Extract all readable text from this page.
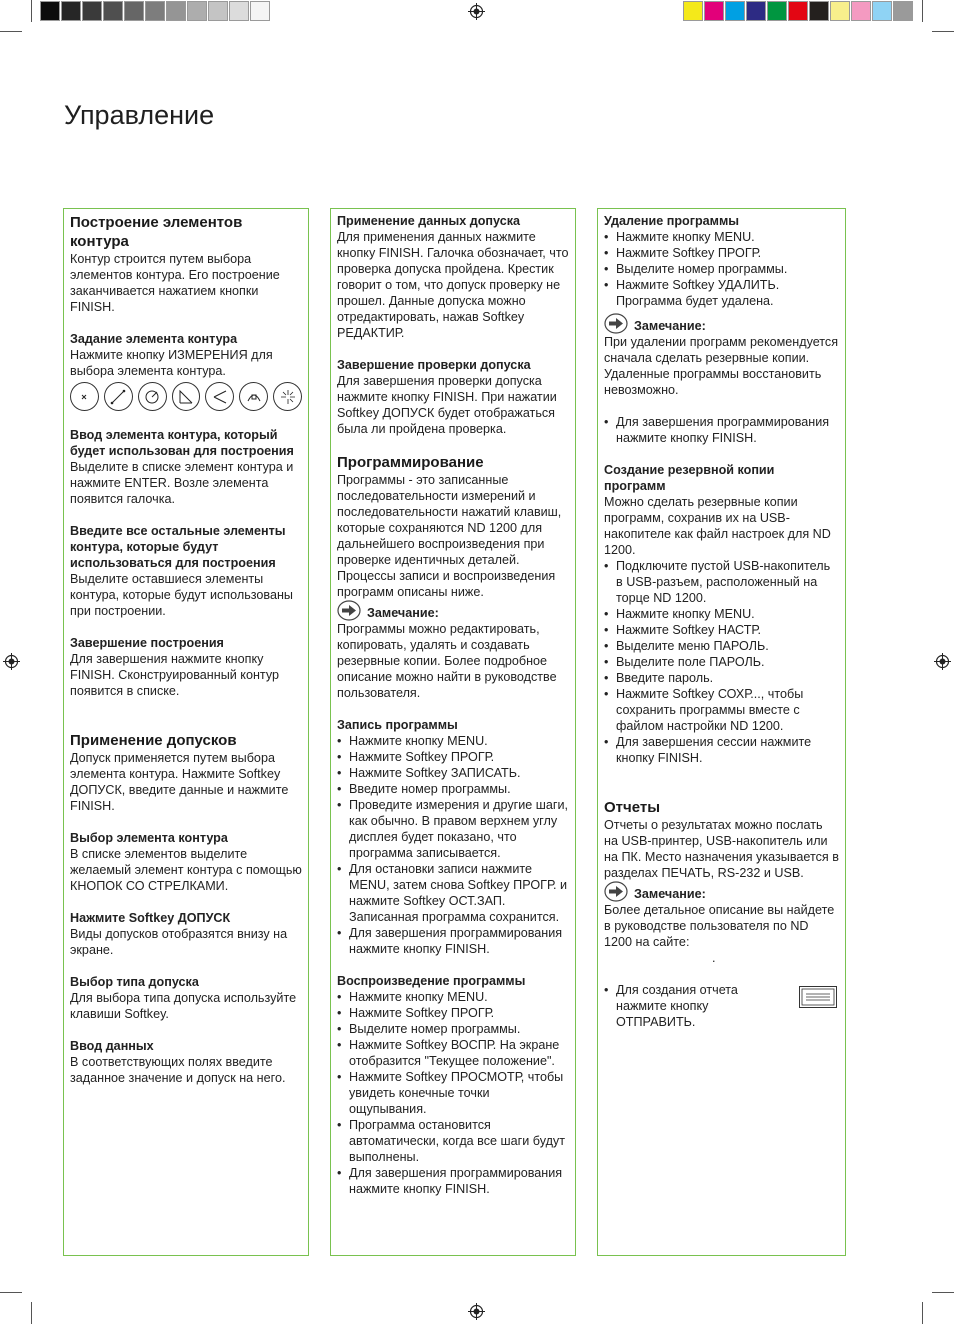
Управление

Построение элементов контура

Контур строится путем выбора элементов контура. Его построение заканчивается нажатием кнопки FINISH.

Задание элемента контура

Нажмите кнопку ИЗМЕРЕНИЯ для выбора элемента контура.

Ввод элемента контура, который будет использован для построения

Выделите в списке элемент контура и нажмите ENTER. Возле элемента появится галочка.

Введите все остальные элементы контура, которые будут использоваться для построения

Выделите оставшиеся элементы контура, которые будут использованы при построении.

Завершение построения

Для завершения нажмите кнопку FINISH. Сконструированный контур появится в списке.

Применение допусков

Допуск применяется путем выбора элемента контура. Нажмите Softkey ДОПУСК, введите данные и нажмите FINISH.

Выбор элемента контура

В списке элементов выделите желаемый элемент контура с помощью КНОПОК СО СТРЕЛКАМИ.

Нажмите Softkey ДОПУСК

Виды допусков отобразятся внизу на экране.

Выбор типа допуска

Для выбора типа допуска используйте клавиши Softkey.

Ввод данных

В соответствующих полях введите заданное значение и допуск на него.

Применение данных допуска

Для применения данных нажмите кнопку FINISH. Галочка обозначает, что проверка допуска пройдена. Крестик говорит о том, что допуск проверку не прошел. Данные допуска можно отредактировать, нажав Softkey РЕДАКТИР.

Завершение проверки допуска

Для завершения проверки допуска нажмите кнопку FINISH. При нажатии Softkey ДОПУСК будет отображаться была ли пройдена проверка.

Программирование

Программы - это записанные последовательности измерений и последовательности нажатий клавиш, которые сохраняются ND 1200 для дальнейшего воспроизведения при проверке идентичных деталей. Процессы записи и воспроизведения программ описаны ниже.

Замечание:

Программы можно редактировать, копировать, удалять и создавать резервные копии. Более подробное описание можно найти в руководстве пользователя.

Запись программы

• Нажмите кнопку MENU.
• Нажмите Softkey ПРОГР.
• Нажмите Softkey ЗАПИСАТЬ.
• Введите номер программы.
• Проведите измерения и другие шаги, как обычно. В правом верхнем углу дисплея будет показано, что программа записывается.
• Для остановки записи нажмите MENU, затем снова Softkey ПРОГР. и нажмите Softkey ОСТ.ЗАП. Записанная программа сохранится.
• Для завершения программирования нажмите кнопку FINISH.

Воспроизведение программы

• Нажмите кнопку MENU.
• Нажмите Softkey ПРОГР.
• Выделите номер программы.
• Нажмите Softkey ВОСПР. На экране отобразится "Текущее положение".
• Нажмите Softkey ПРОСМОТР, чтобы увидеть конечные точки ощупывания.
• Программа остановится автоматически, когда все шаги будут выполнены.
• Для завершения программирования нажмите кнопку FINISH.

Удаление программы

• Нажмите кнопку MENU.
• Нажмите Softkey ПРОГР.
• Выделите номер программы.
• Нажмите Softkey УДАЛИТЬ. Программа будет удалена.
Замечание:

При удалении программ рекомендуется сначала сделать резервные копии. Удаленные программы восстановить невозможно.

• Для завершения программирования нажмите кнопку FINISH.

Создание резервной копии программ

Можно сделать резервные копии программ, сохранив их на USB-накопителе как файл настроек для ND 1200.

• Подключите пустой USB-накопитель в USB-разъем, расположенный на торце ND 1200.
• Нажмите кнопку MENU.
• Нажмите Softkey НАСТР.
• Выделите меню ПАРОЛЬ.
• Выделите поле ПАРОЛЬ.
• Введите пароль.
• Нажмите Softkey СОХР..., чтобы сохранить программы вместе с файлом настройки ND 1200.
• Для завершения сессии нажмите кнопку FINISH.

Отчеты

Отчеты о результатах можно послать на USB-принтер, USB-накопитель или на ПК. Место назначения указывается в разделах ПЕЧАТЬ, RS-232 и USB.

Замечание:

Более детальное описание вы найдете в руководстве пользователя по ND 1200 на сайте:

.

• Для создания отчета нажмите кнопку ОТПРАВИТЬ.
